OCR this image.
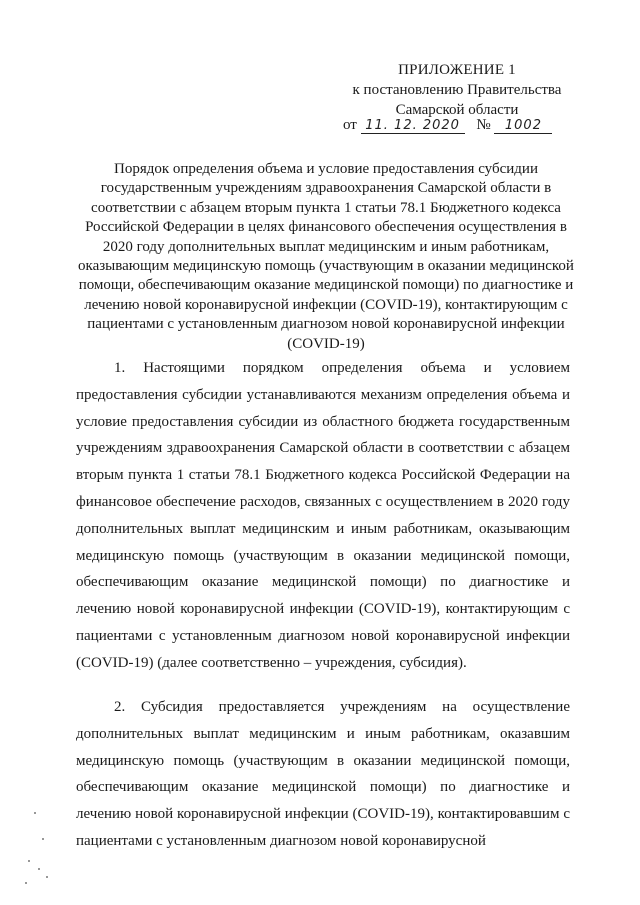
ПРИЛОЖЕНИЕ 1
к постановлению Правительства
Самарской области
от 11. 12. 2020 № 1002
Порядок определения объема и условие предоставления субсидии государственным учреждениям здравоохранения Самарской области в соответствии с абзацем вторым пункта 1 статьи 78.1 Бюджетного кодекса Российской Федерации в целях финансового обеспечения осуществления в 2020 году дополнительных выплат медицинским и иным работникам, оказывающим медицинскую помощь (участвующим в оказании медицинской помощи, обеспечивающим оказание медицинской помощи) по диагностике и лечению новой коронавирусной инфекции (COVID-19), контактирующим с пациентами с установленным диагнозом новой коронавирусной инфекции (COVID-19)

1. Настоящими порядком определения объема и условием предоставления субсидии устанавливаются механизм определения объема и условие предоставления субсидии из областного бюджета государственным учреждениям здравоохранения Самарской области в соответствии с абзацем вторым пункта 1 статьи 78.1 Бюджетного кодекса Российской Федерации на финансовое обеспечение расходов, связанных с осуществлением в 2020 году дополнительных выплат медицинским и иным работникам, оказывающим медицинскую помощь (участвующим в оказании медицинской помощи, обеспечивающим оказание медицинской помощи) по диагностике и лечению новой коронавирусной инфекции (COVID-19), контактирующим с пациентами с установленным диагнозом новой коронавирусной инфекции (COVID-19) (далее соответственно – учреждения, субсидия).

2. Субсидия предоставляется учреждениям на осуществление дополнительных выплат медицинским и иным работникам, оказавшим медицинскую помощь (участвующим в оказании медицинской помощи, обеспечивающим оказание медицинской помощи) по диагностике и лечению новой коронавирусной инфекции (COVID-19), контактировавшим с пациентами с установленным диагнозом новой коронавирусной
